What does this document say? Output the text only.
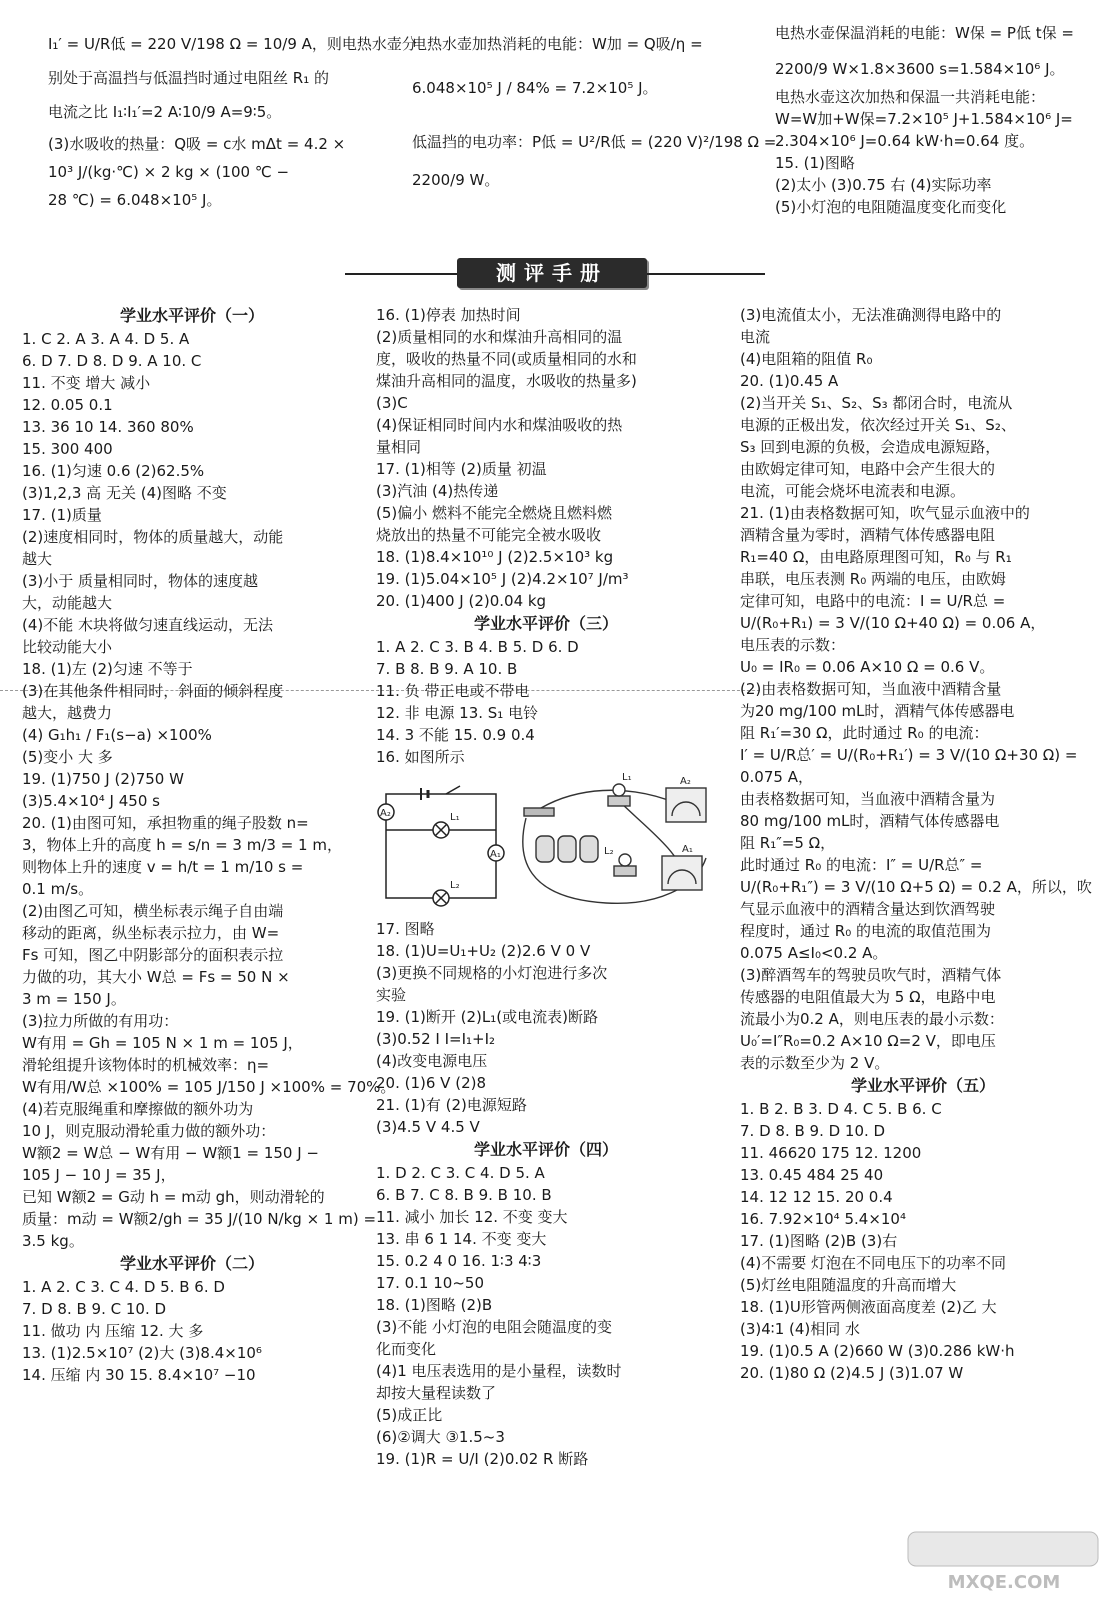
I₁′ = U/R低 = 220 V/198 Ω = 10/9 A，则电热水壶分
别处于高温挡与低温挡时通过电阻丝 R₁ 的
电流之比 I₁∶I₁′=2 A∶10/9 A=9∶5。
(3)水吸收的热量：Q吸 = c水 mΔt = 4.2 ×
10³ J/(kg·℃) × 2 kg × (100 ℃ −
28 ℃) = 6.048×10⁵ J。
电热水壶加热消耗的电能：W加 = Q吸/η =
6.048×10⁵ J / 84% = 7.2×10⁵ J。
低温挡的电功率：P低 = U²/R低 = (220 V)²/198 Ω =
2200/9 W。
电热水壶保温消耗的电能：W保 = P低 t保 =
2200/9 W×1.8×3600 s=1.584×10⁶ J。
电热水壶这次加热和保温一共消耗电能：
W=W加+W保=7.2×10⁵ J+1.584×10⁶ J=
2.304×10⁶ J=0.64 kW·h=0.64 度。
15. (1)图略
(2)太小 (3)0.75 右 (4)实际功率
(5)小灯泡的电阻随温度变化而变化
测评手册
学业水平评价（一）
1. C 2. A 3. A 4. D 5. A
6. D 7. D 8. D 9. A 10. C
11. 不变 增大 减小
12. 0.05 0.1
13. 36 10 14. 360 80%
15. 300 400
16. (1)匀速 0.6 (2)62.5%
(3)1,2,3 高 无关 (4)图略 不变
17. (1)质量
(2)速度相同时，物体的质量越大，动能
越大
(3)小于 质量相同时，物体的速度越
大，动能越大
(4)不能 木块将做匀速直线运动，无法
比较动能大小
18. (1)左 (2)匀速 不等于
(3)在其他条件相同时，斜面的倾斜程度
越大，越费力
(4) G₁h₁ / F₁(s−a) ×100%
(5)变小 大 多
19. (1)750 J (2)750 W
(3)5.4×10⁴ J 450 s
20. (1)由图可知，承担物重的绳子股数 n=
3，物体上升的高度 h = s/n = 3 m/3 = 1 m，
则物体上升的速度 v = h/t = 1 m/10 s =
0.1 m/s。
(2)由图乙可知，横坐标表示绳子自由端
移动的距离，纵坐标表示拉力，由 W=
Fs 可知，图乙中阴影部分的面积表示拉
力做的功，其大小 W总 = Fs = 50 N ×
3 m = 150 J。
(3)拉力所做的有用功：
W有用 = Gh = 105 N × 1 m = 105 J，
滑轮组提升该物体时的机械效率：η=
W有用/W总 ×100% = 105 J/150 J ×100% = 70%。
(4)若克服绳重和摩擦做的额外功为
10 J，则克服动滑轮重力做的额外功：
W额2 = W总 − W有用 − W额1 = 150 J −
105 J − 10 J = 35 J，
已知 W额2 = G动 h = m动 gh，则动滑轮的
质量：m动 = W额2/gh = 35 J/(10 N/kg × 1 m) =
3.5 kg。
学业水平评价（二）
1. A 2. C 3. C 4. D 5. B 6. D
7. D 8. B 9. C 10. D
11. 做功 内 压缩 12. 大 多
13. (1)2.5×10⁷ (2)大 (3)8.4×10⁶
14. 压缩 内 30 15. 8.4×10⁷ −10
16. (1)停表 加热时间
(2)质量相同的水和煤油升高相同的温
度，吸收的热量不同(或质量相同的水和
煤油升高相同的温度，水吸收的热量多)
(3)C
(4)保证相同时间内水和煤油吸收的热
量相同
17. (1)相等 (2)质量 初温
(3)汽油 (4)热传递
(5)偏小 燃料不能完全燃烧且燃料燃
烧放出的热量不可能完全被水吸收
18. (1)8.4×10¹⁰ J (2)2.5×10³ kg
19. (1)5.04×10⁵ J (2)4.2×10⁷ J/m³
20. (1)400 J (2)0.04 kg
学业水平评价（三）
1. A 2. C 3. B 4. B 5. D 6. D
7. B 8. B 9. A 10. B
11. 负 带正电或不带电
12. 非 电源 13. S₁ 电铃
14. 3 不能 15. 0.9 0.4
16. 如图所示
A₂
A₁
L₁
L₂
L₁
L₂	A₁
A₂
17. 图略
18. (1)U=U₁+U₂ (2)2.6 V 0 V
(3)更换不同规格的小灯泡进行多次
实验
19. (1)断开 (2)L₁(或电流表)断路
(3)0.52 I I=I₁+I₂
(4)改变电源电压
20. (1)6 V (2)8
21. (1)有 (2)电源短路
(3)4.5 V 4.5 V
学业水平评价（四）
1. D 2. C 3. C 4. D 5. A
6. B 7. C 8. B 9. B 10. B
11. 减小 加长 12. 不变 变大
13. 串 6 1 14. 不变 变大
15. 0.2 4 0 16. 1∶3 4∶3
17. 0.1 10~50
18. (1)图略 (2)B
(3)不能 小灯泡的电阻会随温度的变
化而变化
(4)1 电压表选用的是小量程，读数时
却按大量程读数了
(5)成正比
(6)②调大 ③1.5~3
19. (1)R = U/I (2)0.02 R 断路
(3)电流值太小，无法准确测得电路中的
电流
(4)电阻箱的阻值 R₀
20. (1)0.45 A
(2)当开关 S₁、S₂、S₃ 都闭合时，电流从
电源的正极出发，依次经过开关 S₁、S₂、
S₃ 回到电源的负极，会造成电源短路，
由欧姆定律可知，电路中会产生很大的
电流，可能会烧坏电流表和电源。
21. (1)由表格数据可知，吹气显示血液中的
酒精含量为零时，酒精气体传感器电阻
R₁=40 Ω，由电路原理图可知，R₀ 与 R₁
串联，电压表测 R₀ 两端的电压，由欧姆
定律可知，电路中的电流：I = U/R总 =
U/(R₀+R₁) = 3 V/(10 Ω+40 Ω) = 0.06 A，
电压表的示数：
U₀ = IR₀ = 0.06 A×10 Ω = 0.6 V。
(2)由表格数据可知，当血液中酒精含量
为20 mg/100 mL时，酒精气体传感器电
阻 R₁′=30 Ω，此时通过 R₀ 的电流：
I′ = U/R总′ = U/(R₀+R₁′) = 3 V/(10 Ω+30 Ω) =
0.075 A，
由表格数据可知，当血液中酒精含量为
80 mg/100 mL时，酒精气体传感器电
阻 R₁″=5 Ω，
此时通过 R₀ 的电流：I″ = U/R总″ =
U/(R₀+R₁″) = 3 V/(10 Ω+5 Ω) = 0.2 A，所以，吹
气显示血液中的酒精含量达到饮酒驾驶
程度时，通过 R₀ 的电流的取值范围为
0.075 A≤I₀<0.2 A。
(3)醉酒驾车的驾驶员吹气时，酒精气体
传感器的电阻值最大为 5 Ω，电路中电
流最小为0.2 A，则电压表的最小示数：
U₀′=I″R₀=0.2 A×10 Ω=2 V，即电压
表的示数至少为 2 V。
学业水平评价（五）
1. B 2. B 3. D 4. C 5. B 6. C
7. D 8. B 9. D 10. D
11. 46620 175 12. 1200
13. 0.45 484 25 40
14. 12 12 15. 20 0.4
16. 7.92×10⁴ 5.4×10⁴
17. (1)图略 (2)B (3)右
(4)不需要 灯泡在不同电压下的功率不同
(5)灯丝电阻随温度的升高而增大
18. (1)U形管两侧液面高度差 (2)乙 大
(3)4∶1 (4)相同 水
19. (1)0.5 A (2)660 W (3)0.286 kW·h
20. (1)80 Ω (2)4.5 J (3)1.07 W
MXQE.COM
